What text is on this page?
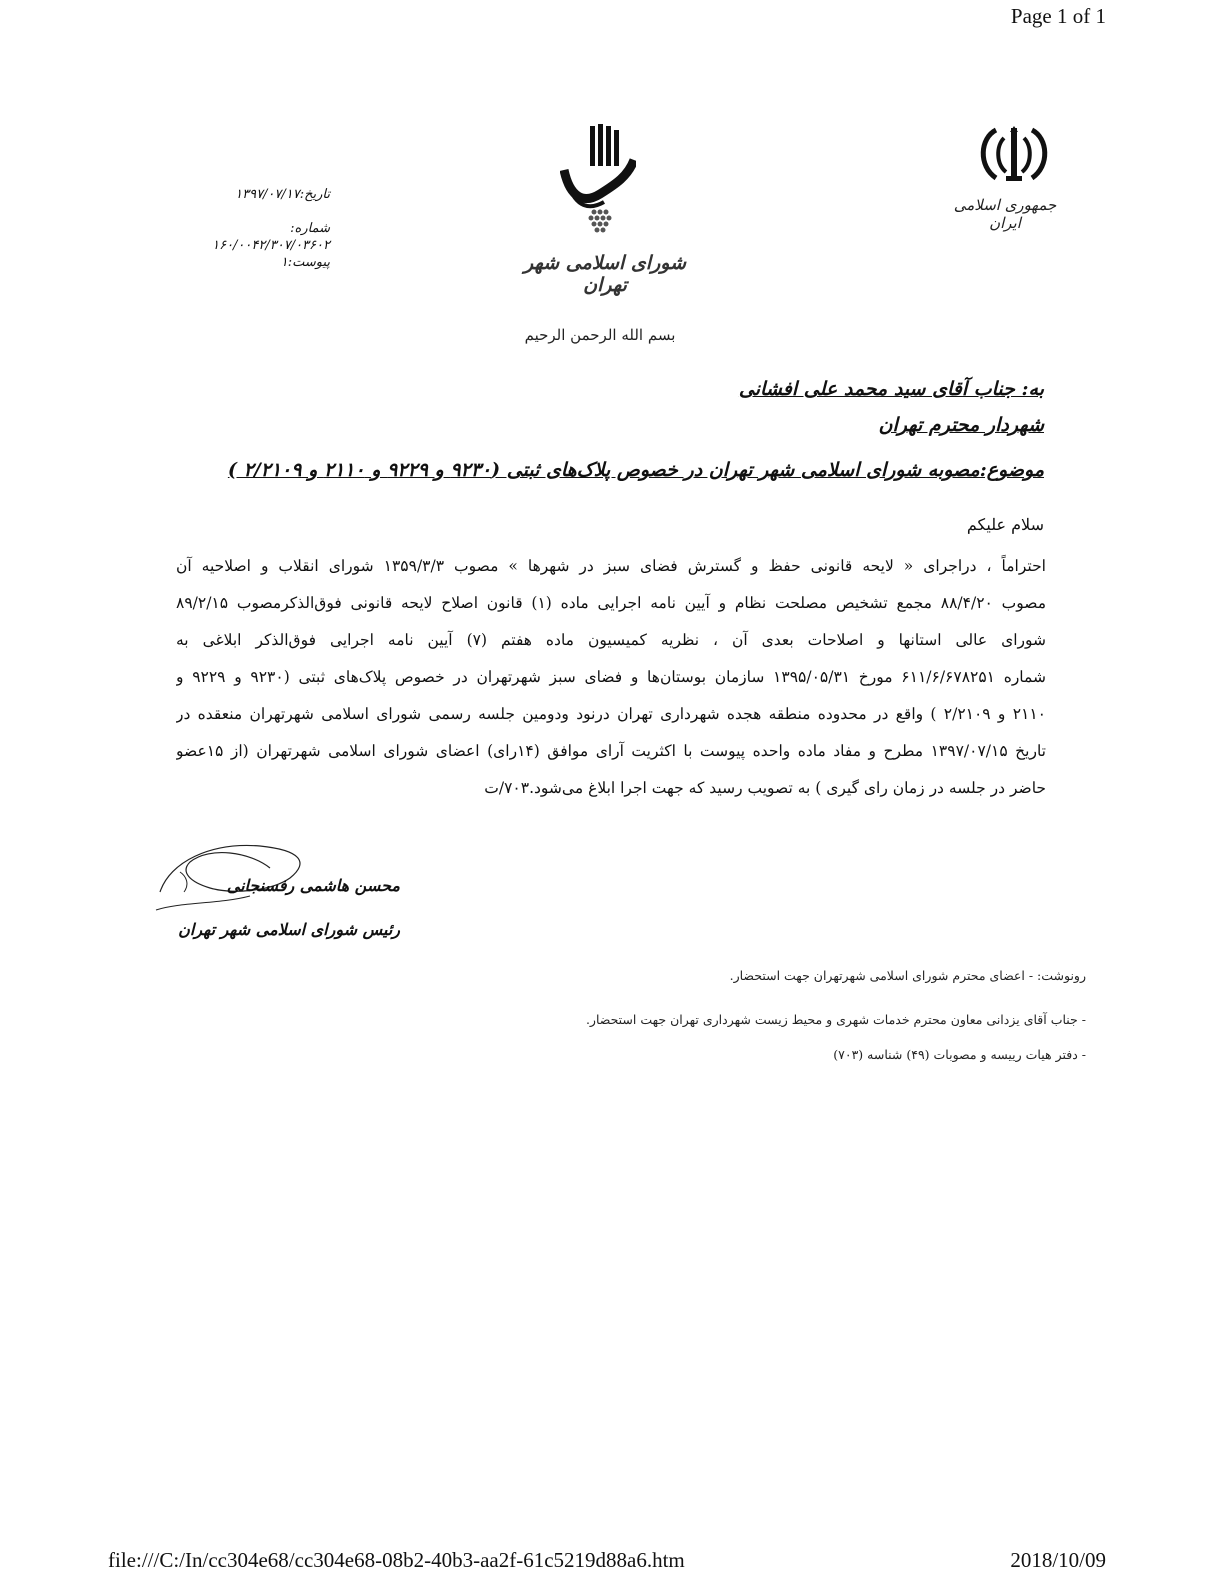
Page 1 of 1
جمهوری اسلامی ایران
شورای اسلامی شهر تهران
تاریخ:۱۳۹۷/۰۷/۱۷
شماره:
۱۶۰/۰۰۴۲/۳۰۷/۰۳۶۰۲
پیوست:۱
بسم الله الرحمن الرحیم
به: جناب آقای سید محمد علی افشانی
شهردار محترم تهران
موضوع:مصوبه شورای اسلامی شهر تهران در خصوص پلاک‌های ثبتی (۹۲۳۰ و ۹۲۲۹ و ۲۱۱۰ و ۲/۲۱۰۹ )
سلام علیکم
احتراماً ، دراجرای « لایحه قانونی حفظ و گسترش فضای سبز در شهرها » مصوب ۱۳۵۹/۳/۳ شورای انقلاب و اصلاحیه آن
مصوب ۸۸/۴/۲۰ مجمع تشخیص مصلحت نظام و آیین نامه اجرایی ماده (۱) قانون اصلاح لایحه قانونی فوق‌الذکرمصوب ۸۹/۲/۱۵
شورای عالی استانها و اصلاحات بعدی آن ، نظریه کمیسیون ماده هفتم (۷) آیین نامه اجرایی فوق‌الذکر ابلاغی به
شماره ۶۱۱/۶/۶۷۸۲۵۱ مورخ ۱۳۹۵/۰۵/۳۱ سازمان بوستان‌ها و فضای سبز شهرتهران در خصوص پلاک‌های ثبتی (۹۲۳۰ و ۹۲۲۹ و
۲۱۱۰ و ۲/۲۱۰۹ ) واقع در محدوده منطقه هجده شهرداری تهران درنود ودومین جلسه رسمی شورای اسلامی شهرتهران منعقده در
تاریخ ۱۳۹۷/۰۷/۱۵ مطرح و مفاد ماده واحده پیوست با اکثریت آرای موافق (۱۴رای) اعضای شورای اسلامی شهرتهران (از ۱۵عضو
حاضر در جلسه در زمان رای گیری ) به تصویب رسید که جهت اجرا ابلاغ می‌شود.۷۰۳/ت
محسن هاشمی رفسنجانی
رئیس شورای اسلامی شهر تهران
رونوشت: - اعضای محترم شورای اسلامی شهرتهران جهت استحضار.
- جناب آقای یزدانی معاون محترم خدمات شهری و محیط زیست شهرداری تهران جهت استحضار.
- دفتر هیات رییسه و مصوبات (۴۹) شناسه (۷۰۳)
file:///C:/In/cc304e68/cc304e68-08b2-40b3-aa2f-61c5219d88a6.htm	2018/10/09
